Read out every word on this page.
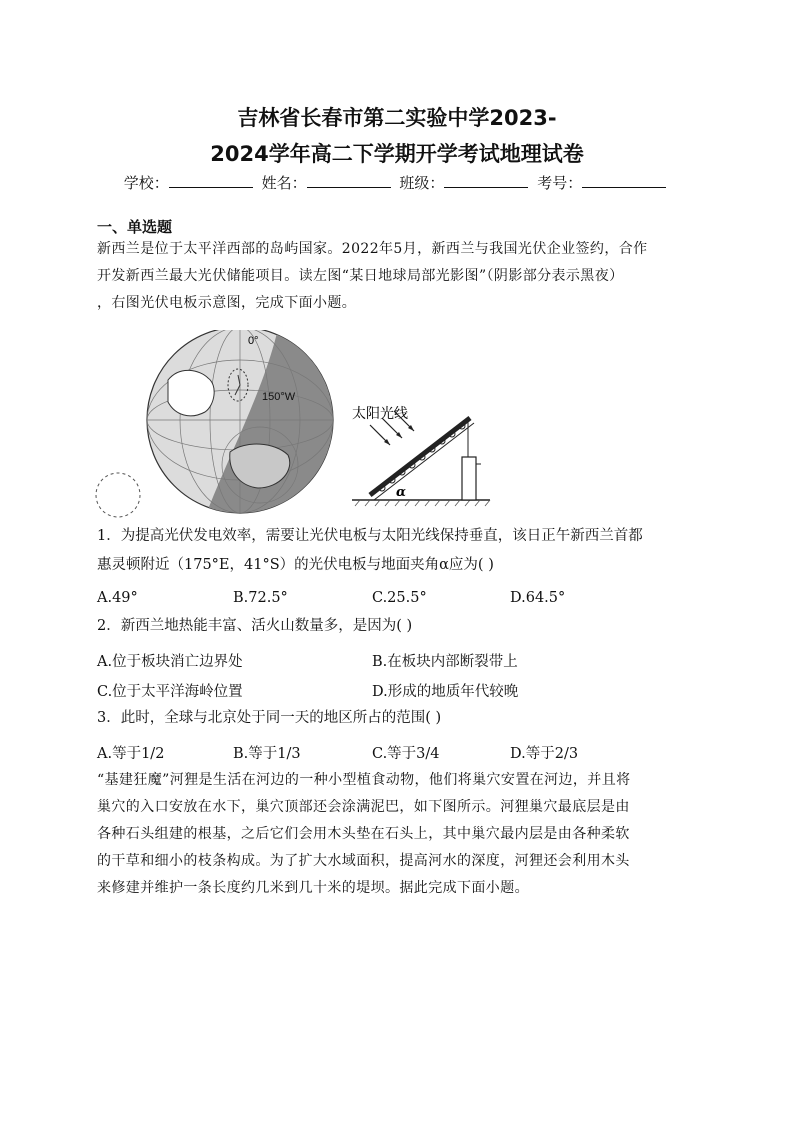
吉林省长春市第二实验中学2023-
2024学年高二下学期开学考试地理试卷
学校：	姓名：	班级：	考号：
一、单选题
新西兰是位于太平洋西部的岛屿国家。2022年5月，新西兰与我国光伏企业签约，合作
开发新西兰最大光伏储能项目。读左图“某日地球局部光影图”（阴影部分表示黑夜）
，右图光伏电板示意图，完成下面小题。
0°
150°W
太阳光线
α
1．为提高光伏发电效率，需要让光伏电板与太阳光线保持垂直，该日正午新西兰首都
惠灵顿附近（175°E，41°S）的光伏电板与地面夹角α应为( )
A.49°	B.72.5°	C.25.5°	D.64.5°
2．新西兰地热能丰富、活火山数量多，是因为( )
A.位于板块消亡边界处	B.在板块内部断裂带上
C.位于太平洋海岭位置	D.形成的地质年代较晚
3．此时，全球与北京处于同一天的地区所占的范围( )
A.等于1/2	B.等于1/3	C.等于3/4	D.等于2/3
“基建狂魔”河狸是生活在河边的一种小型植食动物，他们将巢穴安置在河边，并且将
巢穴的入口安放在水下，巢穴顶部还会涂满泥巴，如下图所示。河狸巢穴最底层是由
各种石头组建的根基，之后它们会用木头垫在石头上，其中巢穴最内层是由各种柔软
的干草和细小的枝条构成。为了扩大水域面积，提高河水的深度，河狸还会利用木头
来修建并维护一条长度约几米到几十米的堤坝。据此完成下面小题。
